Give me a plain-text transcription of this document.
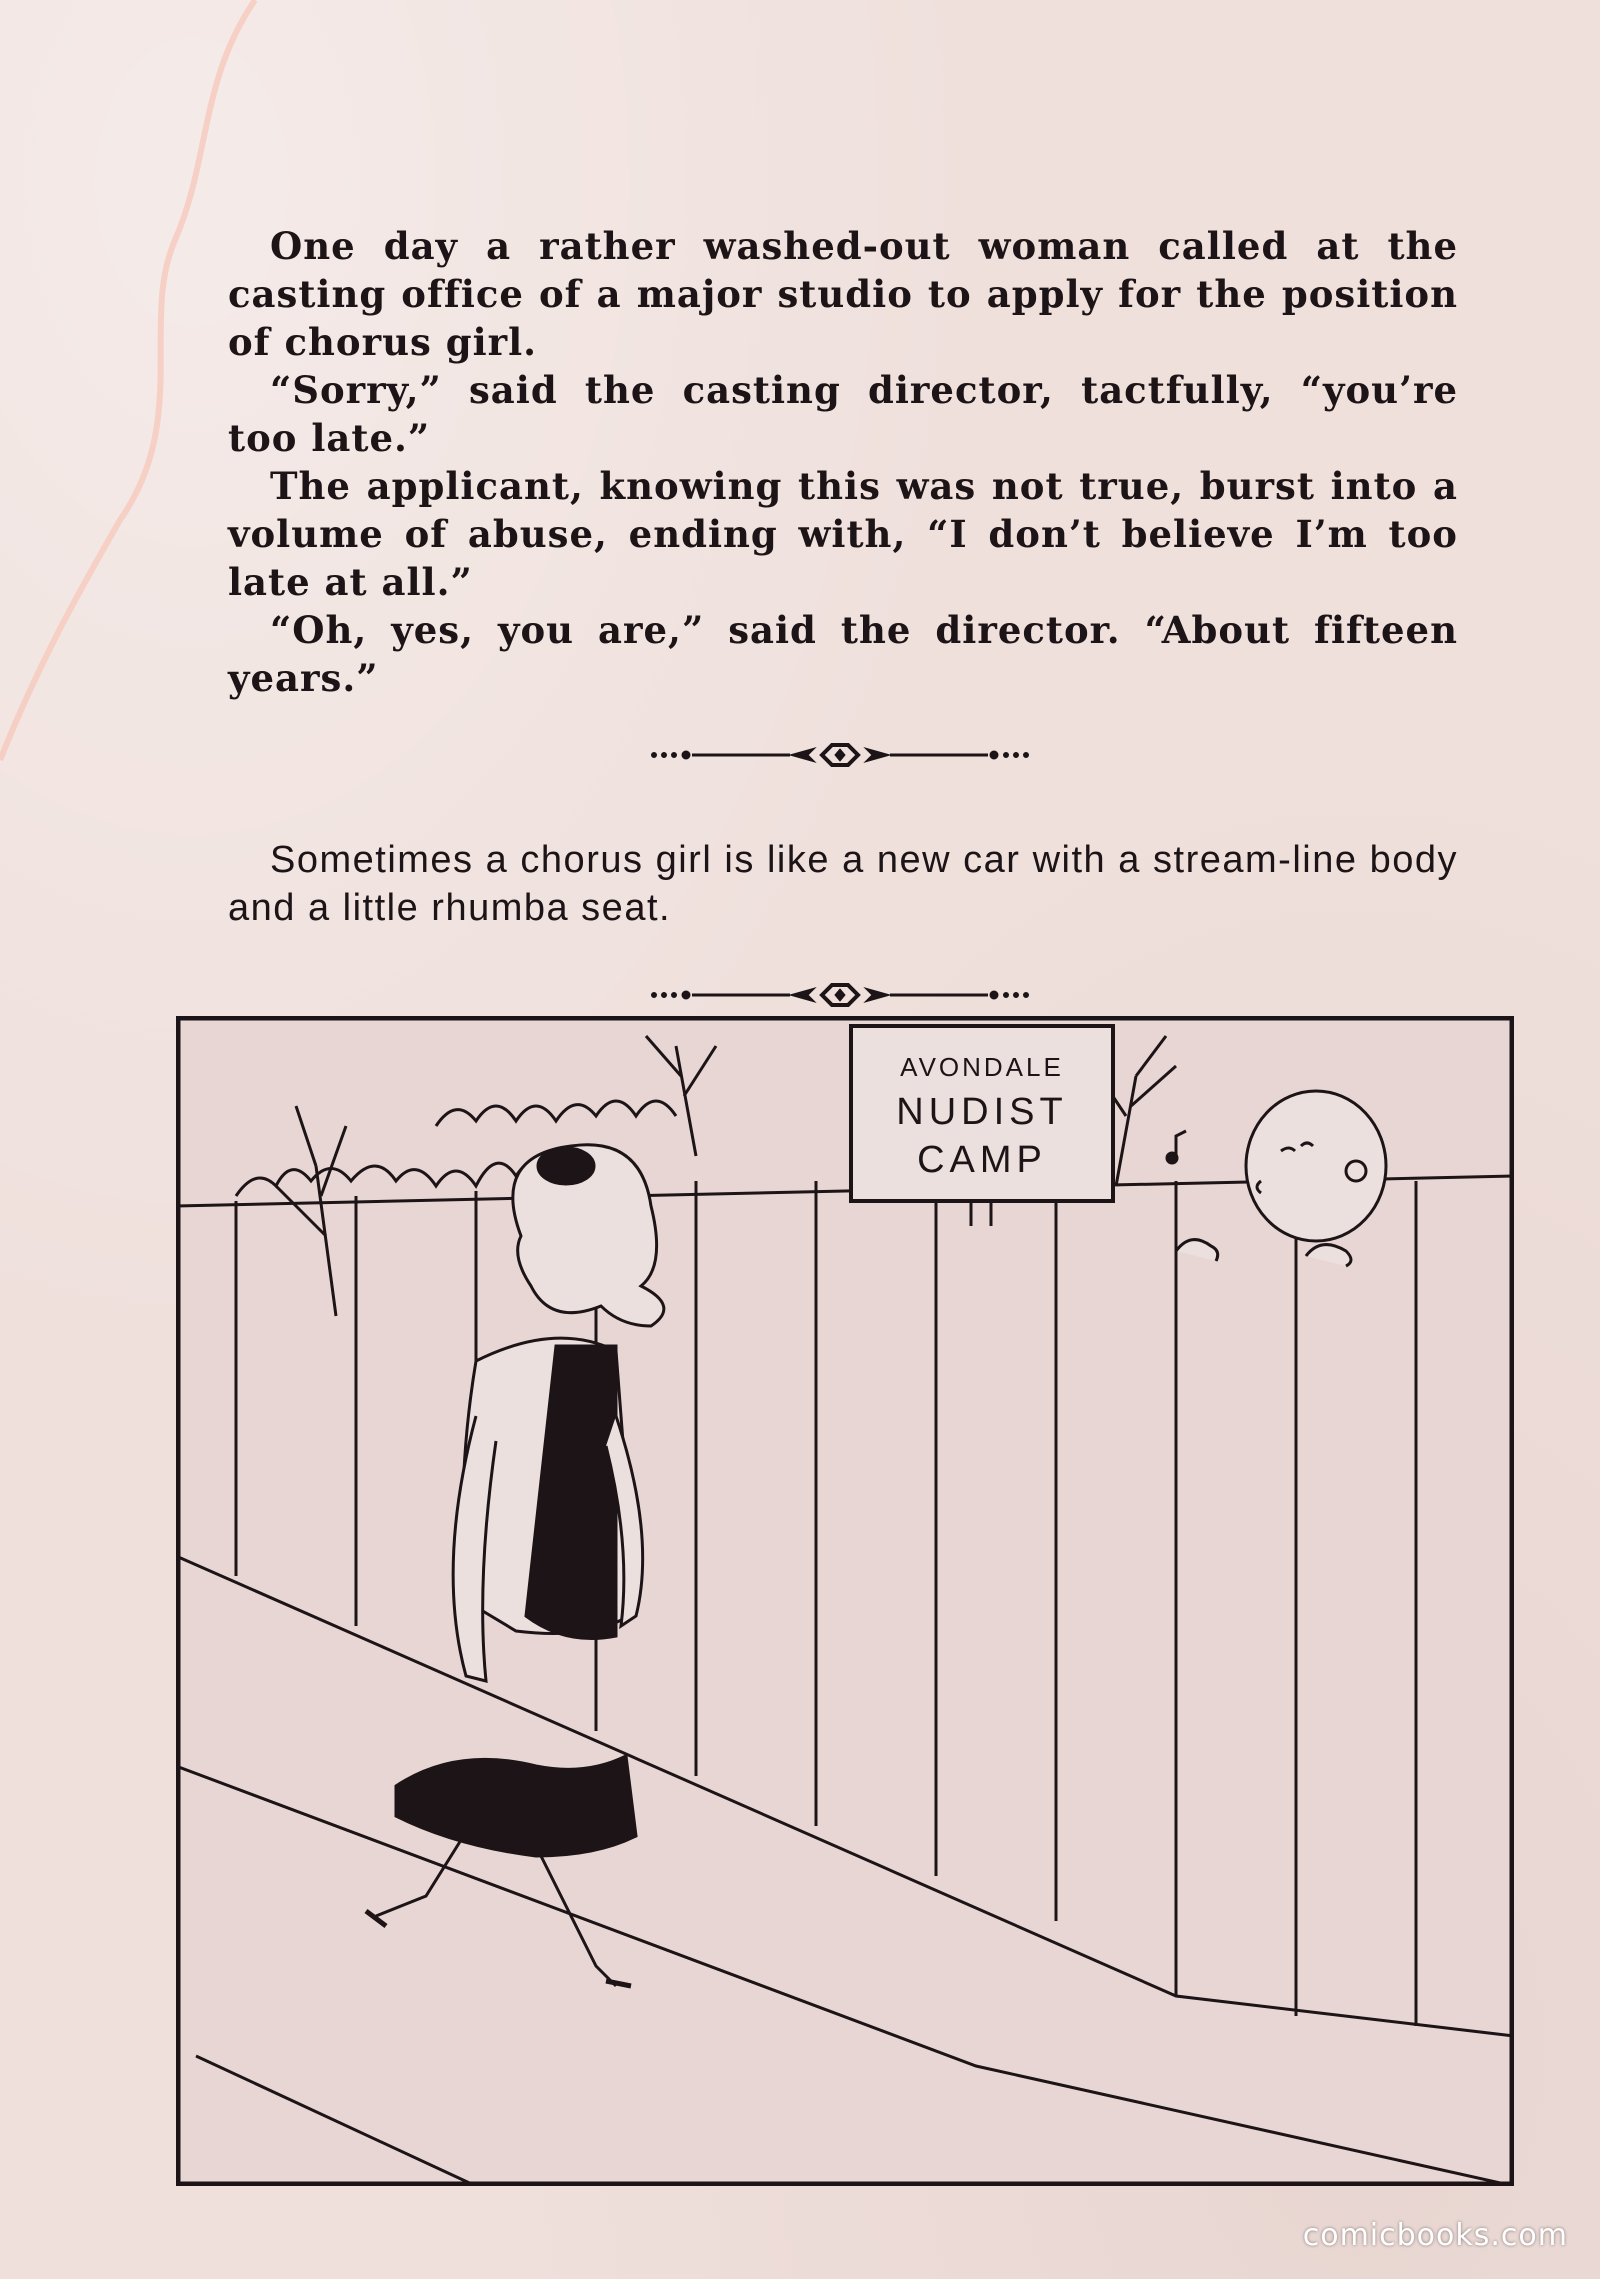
One day a rather washed-out woman called at the casting office of a major studio to apply for the position of chorus girl.

“Sorry,” said the casting director, tactfully, “you’re too late.”

The applicant, knowing this was not true, burst into a volume of abuse, ending with, “I don’t believe I’m too late at all.”

“Oh, yes, you are,” said the director. “About fifteen years.”

Sometimes a chorus girl is like a new car with a stream-line body and a little rhumba seat.

AVONDALE
NUDIST
CAMP
comicbooks.com
